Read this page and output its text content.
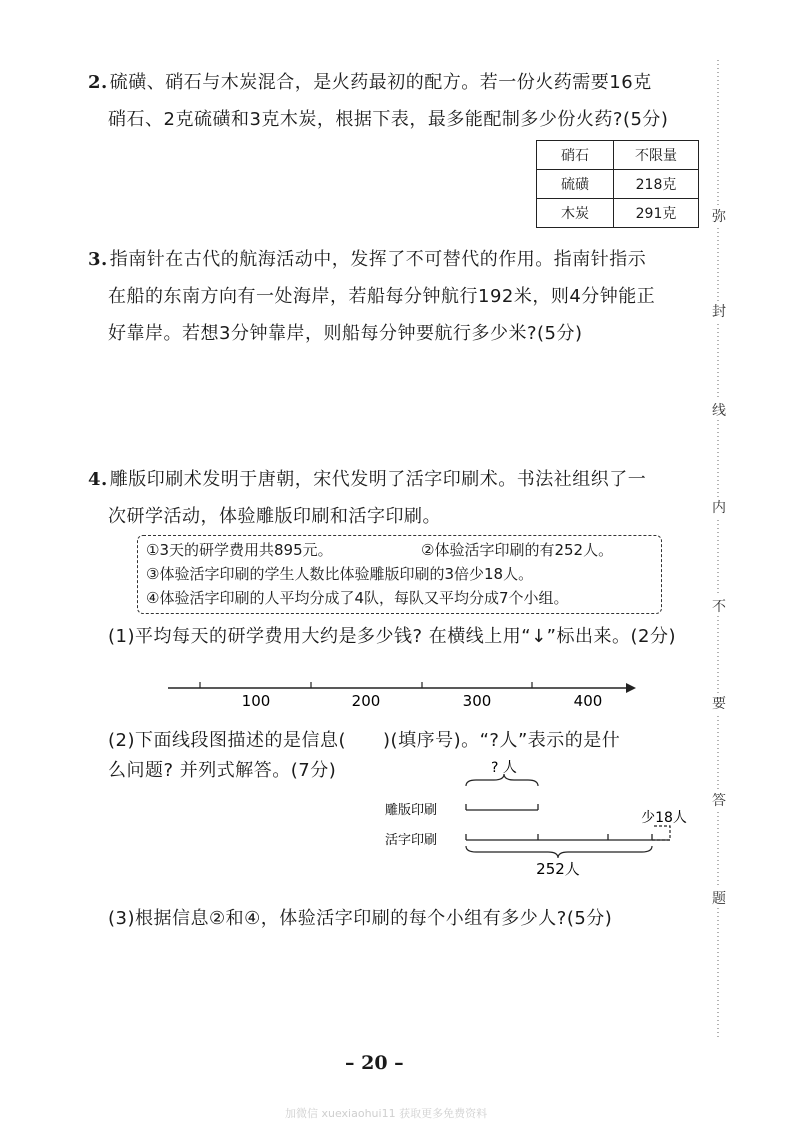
2. 硫磺、硝石与木炭混合，是火药最初的配方。若一份火药需要16克
硝石、2克硫磺和3克木炭，根据下表，最多能配制多少份火药?(5分)
硝石	不限量
硫磺	218克
木炭	291克
3. 指南针在古代的航海活动中，发挥了不可替代的作用。指南针指示
在船的东南方向有一处海岸，若船每分钟航行192米，则4分钟能正
好靠岸。若想3分钟靠岸，则船每分钟要航行多少米?(5分)
4. 雕版印刷术发明于唐朝，宋代发明了活字印刷术。书法社组织了一
次研学活动，体验雕版印刷和活字印刷。
①3天的研学费用共895元。	②体验活字印刷的有252人。
③体验活字印刷的学生人数比体验雕版印刷的3倍少18人。
④体验活字印刷的人平均分成了4队，每队又平均分成7个小组。
(1)平均每天的研学费用大约是多少钱? 在横线上用“↓”标出来。(2分)
100	200	300	400
雕版印刷
活字印刷
? 人
少18人
252人
(2)下面线段图描述的是信息(　　)(填序号)。“?人”表示的是什
么问题? 并列式解答。(7分)
(3)根据信息②和④，体验活字印刷的每个小组有多少人?(5分)
弥
封
线
内
不
要
答
题
– 20 –
加微信 xuexiaohui11 获取更多免费资料
